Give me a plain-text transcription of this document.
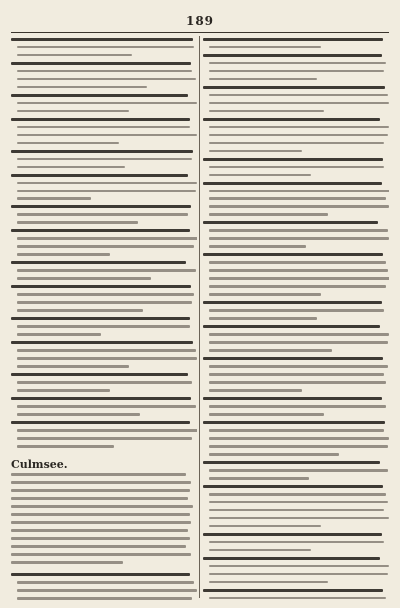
189
Culmsee.
